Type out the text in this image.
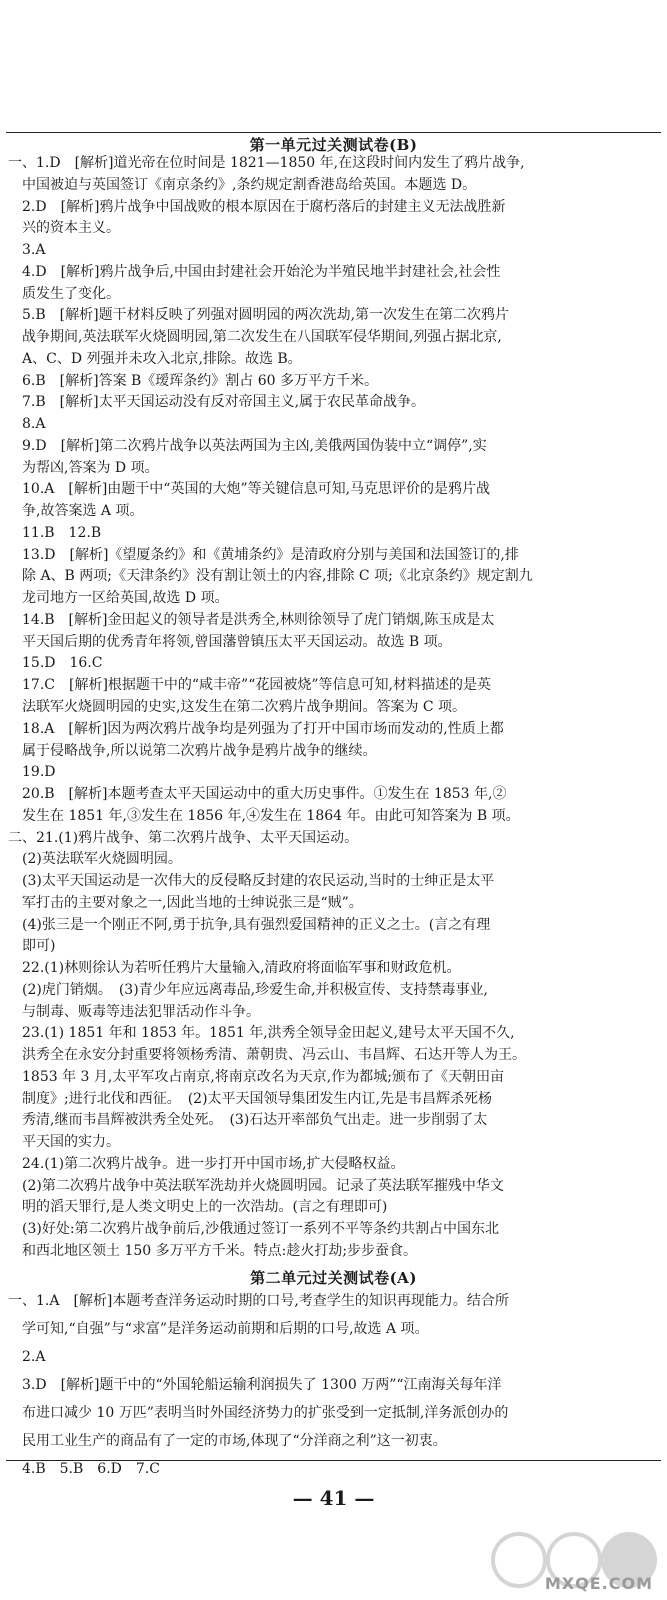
第一单元过关测试卷(B)
一、1.D　[解析]道光帝在位时间是 1821—1850 年,在这段时间内发生了鸦片战争,
中国被迫与英国签订《南京条约》,条约规定割香港岛给英国。本题选 D。
2.D　[解析]鸦片战争中国战败的根本原因在于腐朽落后的封建主义无法战胜新
兴的资本主义。
3.A
4.D　[解析]鸦片战争后,中国由封建社会开始沦为半殖民地半封建社会,社会性
质发生了变化。
5.B　[解析]题干材料反映了列强对圆明园的两次洗劫,第一次发生在第二次鸦片
战争期间,英法联军火烧圆明园,第二次发生在八国联军侵华期间,列强占据北京,
A、C、D 列强并未攻入北京,排除。故选 B。
6.B　[解析]答案 B《瑷珲条约》割占 60 多万平方千米。
7.B　[解析]太平天国运动没有反对帝国主义,属于农民革命战争。
8.A
9.D　[解析]第二次鸦片战争以英法两国为主凶,美俄两国伪装中立“调停”,实
为帮凶,答案为 D 项。
10.A　[解析]由题干中“英国的大炮”等关键信息可知,马克思评价的是鸦片战
争,故答案选 A 项。
11.B　12.B
13.D　[解析]《望厦条约》和《黄埔条约》是清政府分别与美国和法国签订的,排
除 A、B 两项;《天津条约》没有割让领土的内容,排除 C 项;《北京条约》规定割九
龙司地方一区给英国,故选 D 项。
14.B　[解析]金田起义的领导者是洪秀全,林则徐领导了虎门销烟,陈玉成是太
平天国后期的优秀青年将领,曾国藩曾镇压太平天国运动。故选 B 项。
15.D　16.C
17.C　[解析]根据题干中的“咸丰帝”“花园被烧”等信息可知,材料描述的是英
法联军火烧圆明园的史实,这发生在第二次鸦片战争期间。答案为 C 项。
18.A　[解析]因为两次鸦片战争均是列强为了打开中国市场而发动的,性质上都
属于侵略战争,所以说第二次鸦片战争是鸦片战争的继续。
19.D
20.B　[解析]本题考查太平天国运动中的重大历史事件。①发生在 1853 年,②
发生在 1851 年,③发生在 1856 年,④发生在 1864 年。由此可知答案为 B 项。
二、21.(1)鸦片战争、第二次鸦片战争、太平天国运动。
(2)英法联军火烧圆明园。
(3)太平天国运动是一次伟大的反侵略反封建的农民运动,当时的士绅正是太平
军打击的主要对象之一,因此当地的士绅说张三是“贼”。
(4)张三是一个刚正不阿,勇于抗争,具有强烈爱国精神的正义之士。(言之有理
即可)
22.(1)林则徐认为若听任鸦片大量输入,清政府将面临军事和财政危机。
(2)虎门销烟。　(3)青少年应远离毒品,珍爱生命,并积极宣传、支持禁毒事业,
与制毒、贩毒等违法犯罪活动作斗争。
23.(1) 1851 年和 1853 年。1851 年,洪秀全领导金田起义,建号太平天国不久,
洪秀全在永安分封重要将领杨秀清、萧朝贵、冯云山、韦昌辉、石达开等人为王。
1853 年 3 月,太平军攻占南京,将南京改名为天京,作为都城;颁布了《天朝田亩
制度》;进行北伐和西征。　(2)太平天国领导集团发生内讧,先是韦昌辉杀死杨
秀清,继而韦昌辉被洪秀全处死。　(3)石达开率部负气出走。进一步削弱了太
平天国的实力。
24.(1)第二次鸦片战争。进一步打开中国市场,扩大侵略权益。
(2)第二次鸦片战争中英法联军洗劫并火烧圆明园。记录了英法联军摧残中华文
明的滔天罪行,是人类文明史上的一次浩劫。(言之有理即可)
(3)好处:第二次鸦片战争前后,沙俄通过签订一系列不平等条约共割占中国东北
和西北地区领土 150 多万平方千米。特点:趁火打劫;步步蚕食。
第二单元过关测试卷(A)
一、1.A　[解析]本题考查洋务运动时期的口号,考查学生的知识再现能力。结合所
学可知,“自强”与“求富”是洋务运动前期和后期的口号,故选 A 项。
2.A
3.D　[解析]题干中的“外国轮船运输利润损失了 1300 万两”“江南海关每年洋
布进口减少 10 万匹”表明当时外国经济势力的扩张受到一定抵制,洋务派创办的
民用工业生产的商品有了一定的市场,体现了“分洋商之利”这一初衷。
4.B　5.B　6.D　7.C
— 41 —
MXQE.COM
